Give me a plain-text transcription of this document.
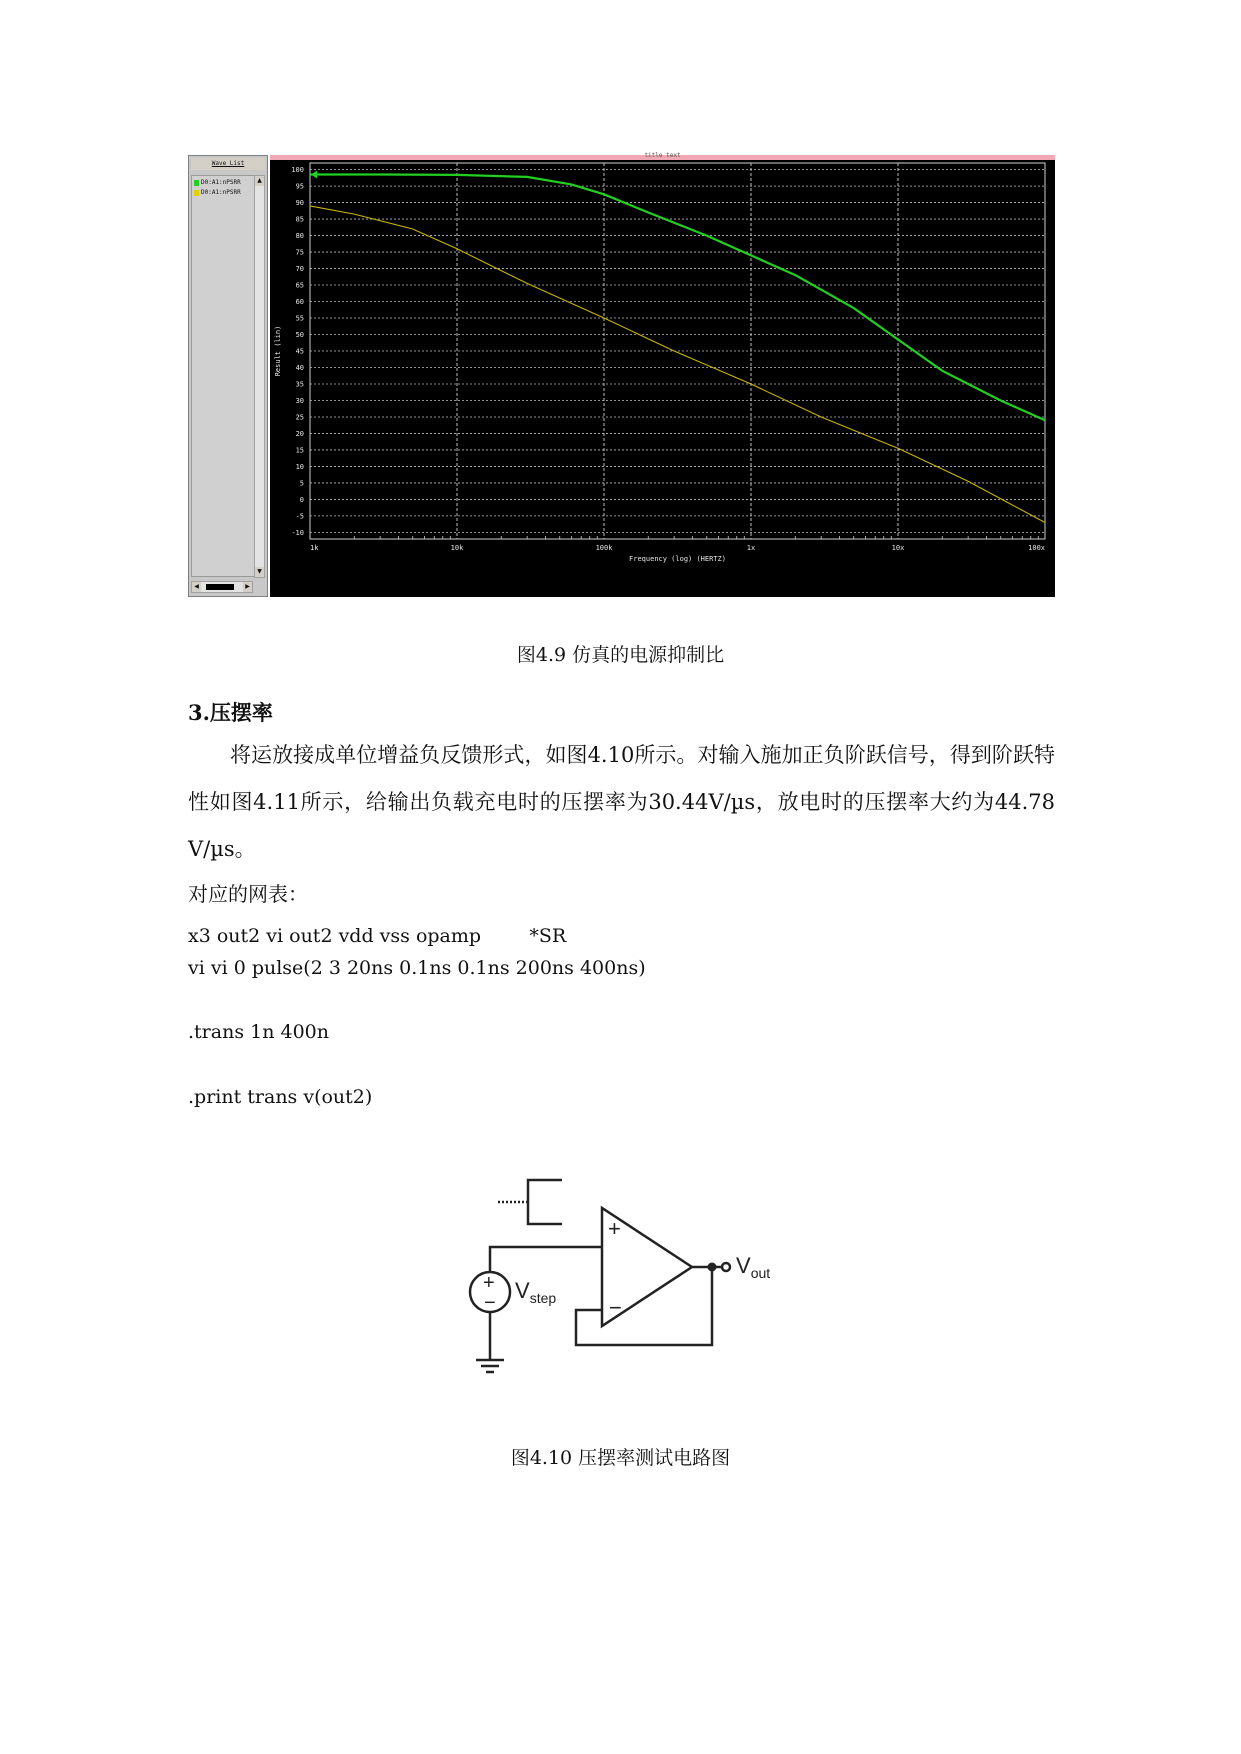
Wave List
D0:A1:nPSRR
D0:A1:nPSRR
▲
▼
◀	▶
title text
100
95
90
85
80
75
70
65
60
55
50
45
40
35
30
25
20
15
10
5
0
-5
-10
1k	10k	100k	1x	10x	100x
Frequency (log) (HERTZ)
Result (lin)
图4.9 仿真的电源抑制比
3.压摆率

将运放接成单位增益负反馈形式，如图4.10所示。对输入施加正负阶跃信号，得到阶跃特性如图4.11所示，给输出负载充电时的压摆率为30.44V/µs，放电时的压摆率大约为44.78 V/µs。

对应的网表：
x3 out2 vi out2 vdd vss opamp        *SR
vi vi 0 pulse(2 3 20ns 0.1ns 0.1ns 200ns 400ns)
.trans 1n 400n
.print trans v(out2)
+
−
+
− $V_{step}$
$V_{out}$
图4.10 压摆率测试电路图
